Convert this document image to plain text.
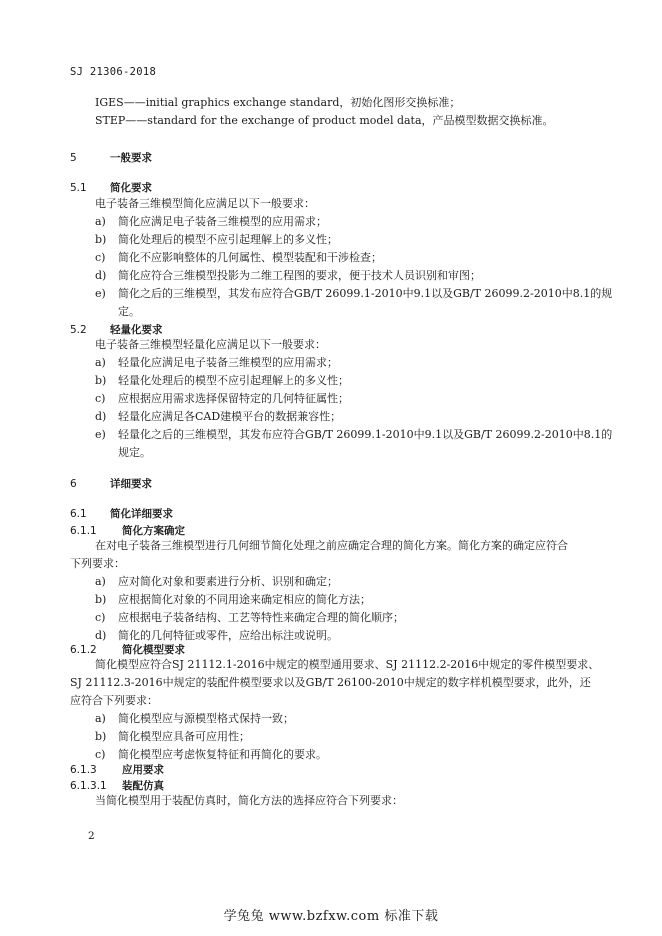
SJ 21306-2018
IGES——initial graphics exchange standard，初始化图形交换标准；
STEP——standard for the exchange of product model data，产品模型数据交换标准。
5	一般要求
5.1 简化要求
电子装备三维模型简化应满足以下一般要求：
a) 简化应满足电子装备三维模型的应用需求；
b) 简化处理后的模型不应引起理解上的多义性；
c) 简化不应影响整体的几何属性、模型装配和干涉检查；
d) 简化应符合三维模型投影为二维工程图的要求，便于技术人员识别和审图；
e) 简化之后的三维模型，其发布应符合GB/T 26099.1-2010中9.1以及GB/T 26099.2-2010中8.1的规
定。
5.2 轻量化要求
电子装备三维模型轻量化应满足以下一般要求：
a) 轻量化应满足电子装备三维模型的应用需求；
b) 轻量化处理后的模型不应引起理解上的多义性；
c) 应根据应用需求选择保留特定的几何特征属性；
d) 轻量化应满足各CAD建模平台的数据兼容性；
e) 轻量化之后的三维模型，其发布应符合GB/T 26099.1-2010中9.1以及GB/T 26099.2-2010中8.1的
规定。
6	详细要求
6.1 简化详细要求
6.1.1 简化方案确定
在对电子装备三维模型进行几何细节简化处理之前应确定合理的简化方案。简化方案的确定应符合
下列要求：
a) 应对简化对象和要素进行分析、识别和确定；
b) 应根据简化对象的不同用途来确定相应的简化方法；
c) 应根据电子装备结构、工艺等特性来确定合理的简化顺序；
d) 简化的几何特征或零件，应给出标注或说明。
6.1.2 简化模型要求
简化模型应符合SJ 21112.1-2016中规定的模型通用要求、SJ 21112.2-2016中规定的零件模型要求、
SJ 21112.3-2016中规定的装配件模型要求以及GB/T 26100-2010中规定的数字样机模型要求，此外，还
应符合下列要求：
a) 简化模型应与源模型格式保持一致；
b) 简化模型应具备可应用性；
c) 简化模型应考虑恢复特征和再简化的要求。
6.1.3 应用要求
6.1.3.1 装配仿真
当简化模型用于装配仿真时，简化方法的选择应符合下列要求：
2
学兔兔 www.bzfxw.com 标准下载
